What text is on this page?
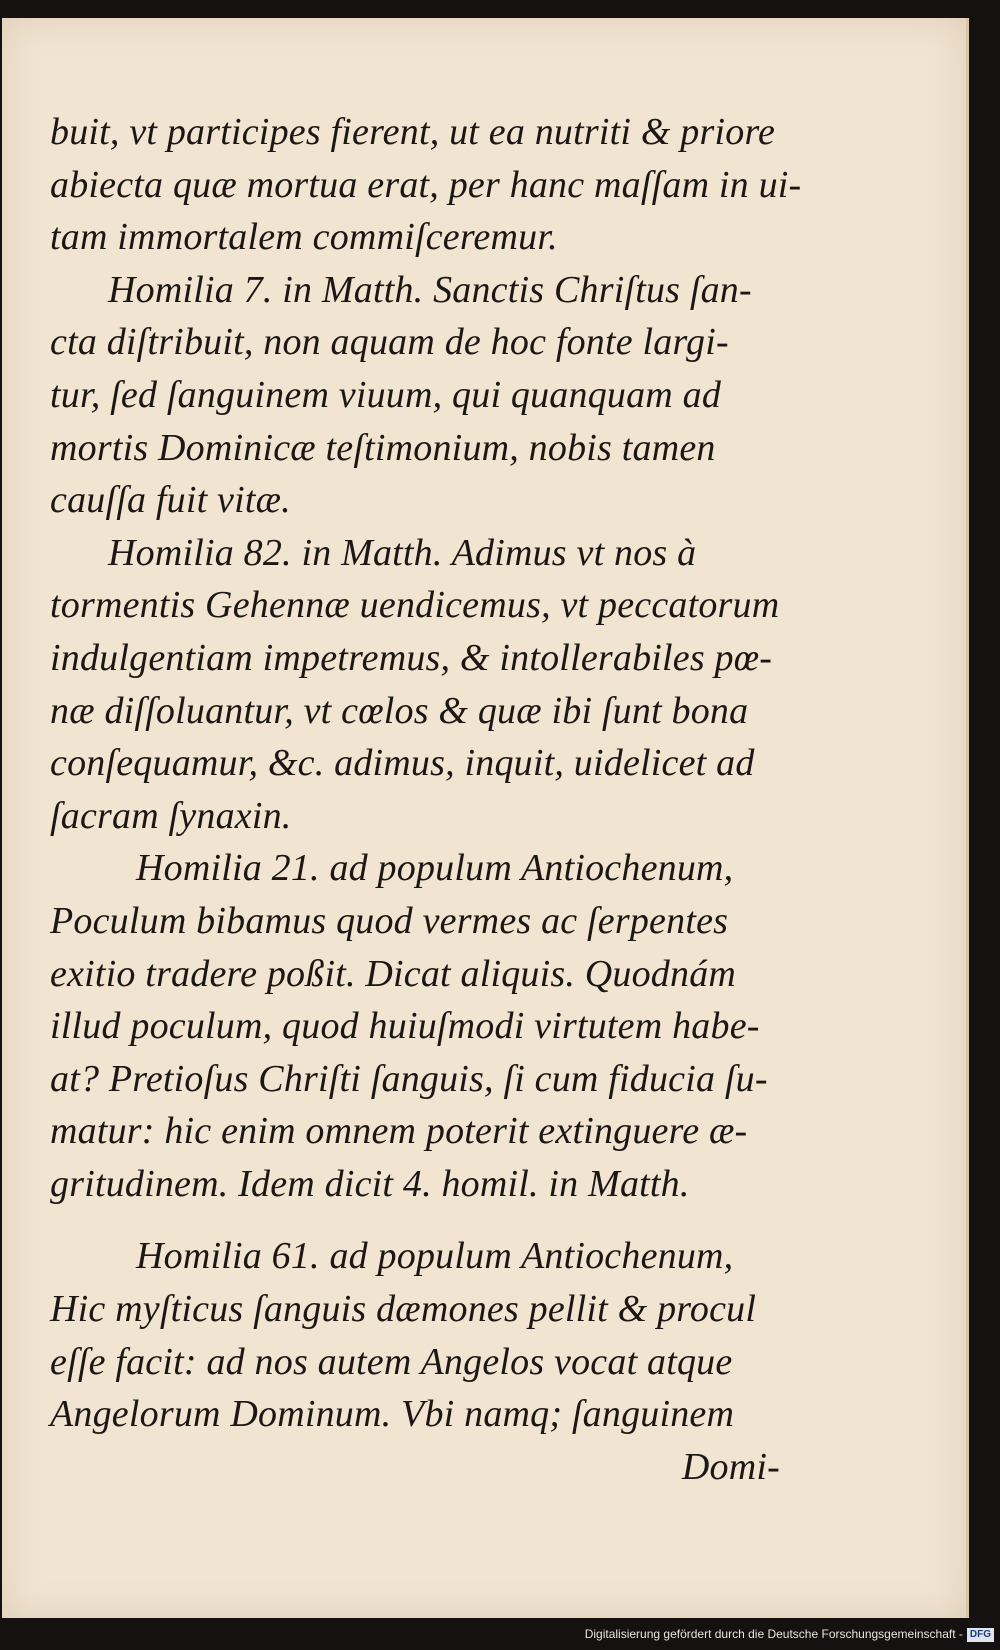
buit, vt participes fierent, ut ea nutriti & priore
abiecta quæ mortua erat, per hanc maſſam in ui-
tam immortalem commiſceremur.
Homilia 7. in Matth. Sanctis Chriſtus ſan-
cta diſtribuit, non aquam de hoc fonte largi-
tur, ſed ſanguinem viuum, qui quanquam ad
mortis Dominicæ teſtimonium, nobis tamen
cauſſa fuit vitæ.
Homilia 82. in Matth. Adimus vt nos à
tormentis Gehennæ uendicemus, vt peccatorum
indulgentiam impetremus, & intollerabiles pœ-
næ diſſoluantur, vt cœlos & quæ ibi ſunt bona
conſequamur, &c. adimus, inquit, uidelicet ad
ſacram ſynaxin.
Homilia 21. ad populum Antiochenum,
Poculum bibamus quod vermes ac ſerpentes
exitio tradere poßit. Dicat aliquis. Quodnám
illud poculum, quod huiuſmodi virtutem habe-
at? Pretioſus Chriſti ſanguis, ſi cum fiducia ſu-
matur: hic enim omnem poterit extinguere æ-
gritudinem. Idem dicit 4. homil. in Matth.
Homilia 61. ad populum Antiochenum,
Hic myſticus ſanguis dæmones pellit & procul
eſſe facit: ad nos autem Angelos vocat atque
Angelorum Dominum. Vbi namq; ſanguinem
Domi-
Digitalisierung gefördert durch die Deutsche Forschungsgemeinschaft - DFG
